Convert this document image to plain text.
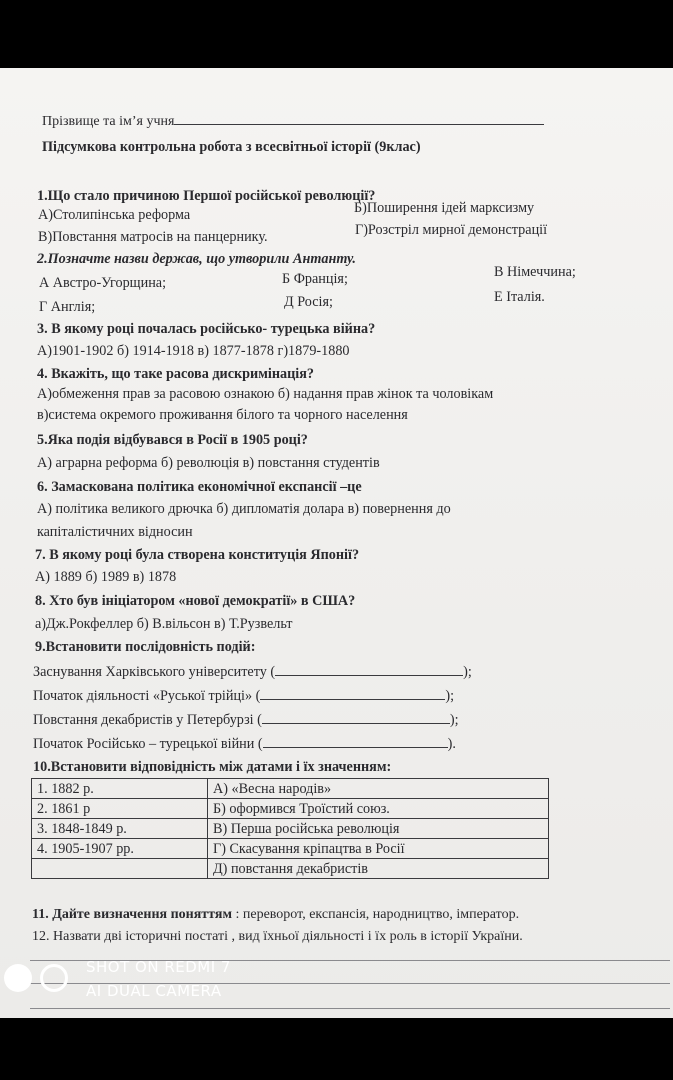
Прізвище та ім’я учня
Підсумкова контрольна робота з всесвітньої історії (9клас)
1.Що стало причиною Першої російської революції?
А)Столипінська реформа	Б)Поширення ідей марксизму
В)Повстання матросів на панцернику.	Г)Розстріл мирної демонстрації
2.Позначте назви держав, що утворили Антанту.
А Австро-Угорщина;	Б Франція;	В Німеччина;
Г Англія;	Д Росія;	Е Італія.
3. В якому році почалась російсько- турецька війна?
А)1901-1902 б) 1914-1918 в) 1877-1878 г)1879-1880
4. Вкажіть, що таке расова дискримінація?
А)обмеження прав за расовою ознакою б) надання прав жінок та чоловікам
в)система окремого проживання білого та чорного населення
5.Яка подія відбувався в Росії в 1905 році?
А) аграрна реформа б) революція в) повстання студентів
6. Замаскована політика економічної експансії –це
А) політика великого дрючка б) дипломатія долара в) повернення до
капіталістичних відносин
7. В якому році була створена конституція Японії?
А) 1889 б) 1989 в) 1878
8. Хто був ініціатором «нової демократії» в США?
а)Дж.Рокфеллер б) В.вільсон в) Т.Рузвельт
9.Встановити послідовність подій:
Заснування Харківського університету (	);
Початок діяльності «Руської трійці» (	);
Повстання декабристів у Петербурзі (	);
Початок Російсько – турецької війни (	).
10.Встановити відповідність між датами і їх значенням:
1. 1882 р.	А) «Весна народів»
2. 1861 р	Б) оформився Троїстий союз.
3. 1848-1849 р.	В) Перша російська революція
4. 1905-1907 рр.	Г) Скасування кріпацтва в Росії
	Д) повстання декабристів
11. Дайте визначення поняттям : переворот, експансія, народництво, імператор.
12. Назвати дві історичні постаті , вид їхньої діяльності і їх роль в історії України.
SHOT ON REDMI 7
AI DUAL CAMERA
